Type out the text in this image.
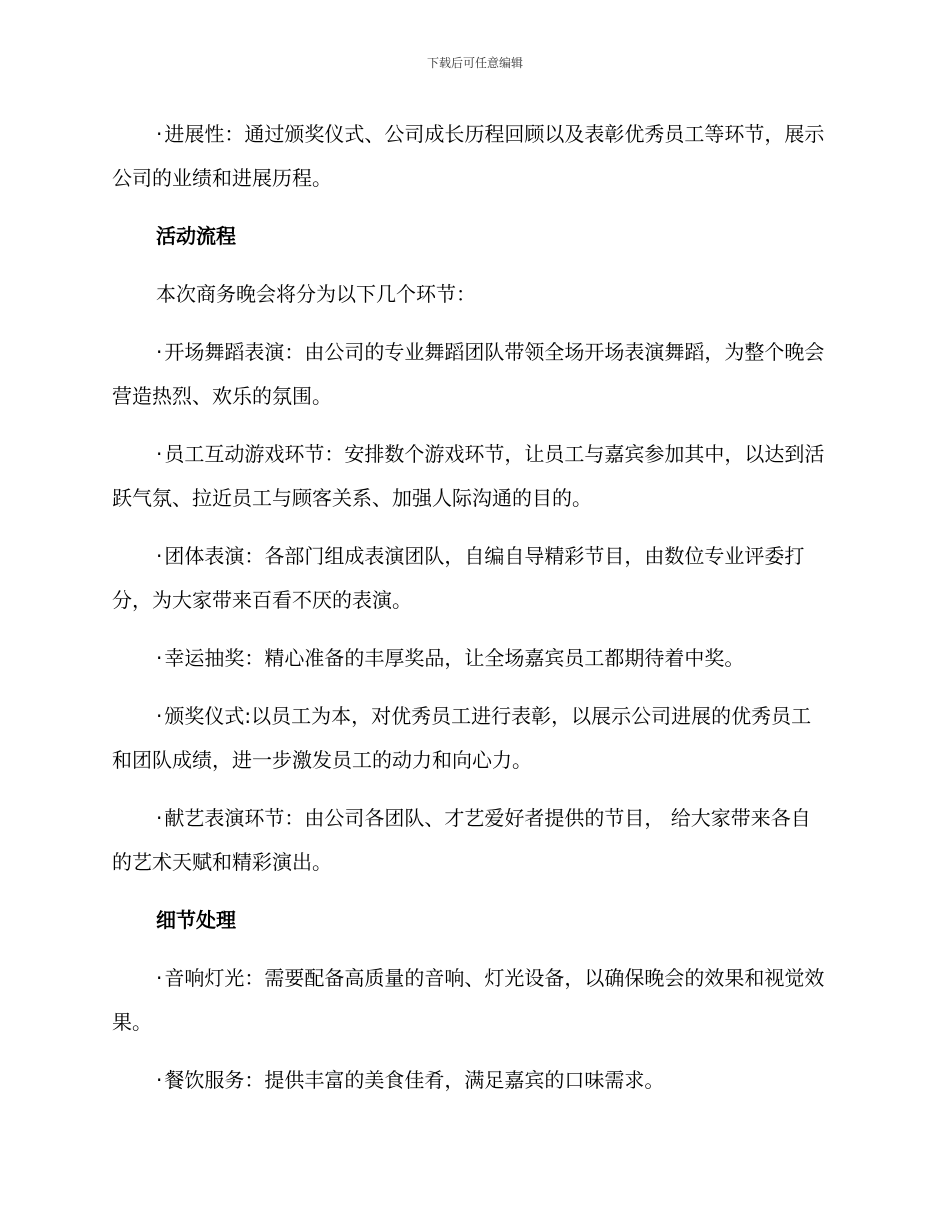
下载后可任意编辑

· 进展性：通过颁奖仪式、公司成长历程回顾以及表彰优秀员工等环节，展示公司的业绩和进展历程。

活动流程

本次商务晚会将分为以下几个环节：

· 开场舞蹈表演：由公司的专业舞蹈团队带领全场开场表演舞蹈，为整个晚会营造热烈、欢乐的氛围。

· 员工互动游戏环节：安排数个游戏环节，让员工与嘉宾参加其中，以达到活跃气氛、拉近员工与顾客关系、加强人际沟通的目的。

· 团体表演：各部门组成表演团队，自编自导精彩节目，由数位专业评委打分，为大家带来百看不厌的表演。

· 幸运抽奖：精心准备的丰厚奖品，让全场嘉宾员工都期待着中奖。

· 颁奖仪式:以员工为本，对优秀员工进行表彰，以展示公司进展的优秀员工和团队成绩，进一步激发员工的动力和向心力。

· 献艺表演环节：由公司各团队、才艺爱好者提供的节目， 给大家带来各自的艺术天赋和精彩演出。

细节处理

· 音响灯光：需要配备高质量的音响、灯光设备，以确保晚会的效果和视觉效果。

· 餐饮服务：提供丰富的美食佳肴，满足嘉宾的口味需求。
